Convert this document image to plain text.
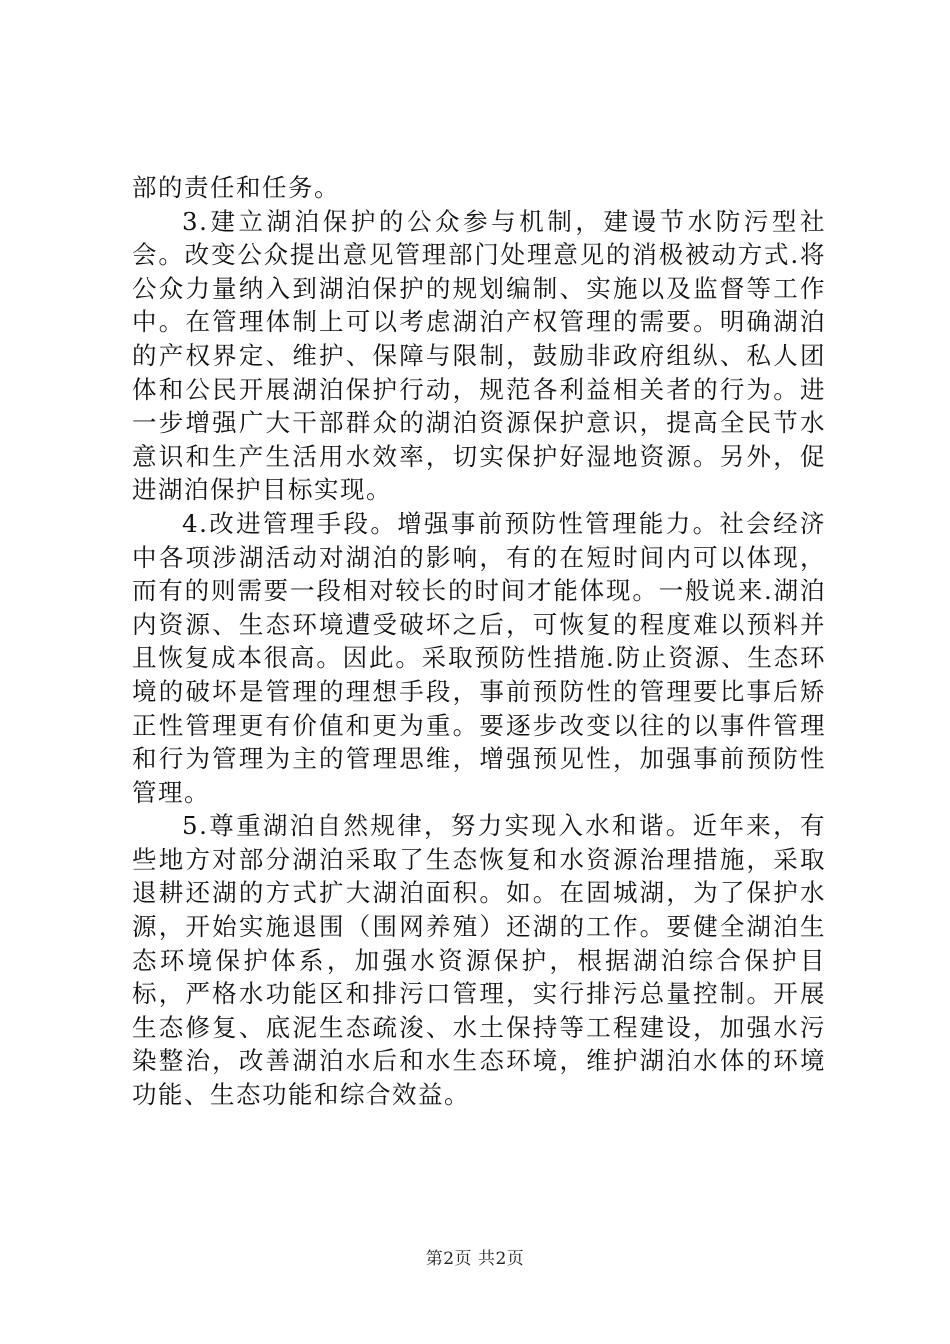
部的责任和任务。

3.建立湖泊保护的公众参与机制，建谩节水防污型社会。改变公众提出意见管理部门处理意见的消极被动方式.将公众力量纳入到湖泊保护的规划编制、实施以及监督等工作中。在管理体制上可以考虑湖泊产权管理的需要。明确湖泊的产权界定、维护、保障与限制，鼓励非政府组纵、私人团体和公民开展湖泊保护行动，规范各利益相关者的行为。进一步增强广大干部群众的湖泊资源保护意识，提高全民节水意识和生产生活用水效率，切实保护好湿地资源。另外，促进湖泊保护目标实现。

4.改进管理手段。增强事前预防性管理能力。社会经济中各项涉湖活动对湖泊的影响，有的在短时间内可以体现，而有的则需要一段相对较长的时间才能体现。一般说来.湖泊内资源、生态环境遭受破坏之后，可恢复的程度难以预料并且恢复成本很高。因此。采取预防性措施.防止资源、生态环境的破坏是管理的理想手段，事前预防性的管理要比事后矫正性管理更有价值和更为重。要逐步改变以往的以事件管理和行为管理为主的管理思维，增强预见性，加强事前预防性管理。

5.尊重湖泊自然规律，努力实现入水和谐。近年来，有些地方对部分湖泊采取了生态恢复和水资源治理措施，采取退耕还湖的方式扩大湖泊面积。如。在固城湖，为了保护水源，开始实施退围（围网养殖）还湖的工作。要健全湖泊生态环境保护体系，加强水资源保护，根据湖泊综合保护目标，严格水功能区和排污口管理，实行排污总量控制。开展生态修复、底泥生态疏浚、水土保持等工程建设，加强水污染整治，改善湖泊水后和水生态环境，维护湖泊水体的环境功能、生态功能和综合效益。

第2页 共2页
